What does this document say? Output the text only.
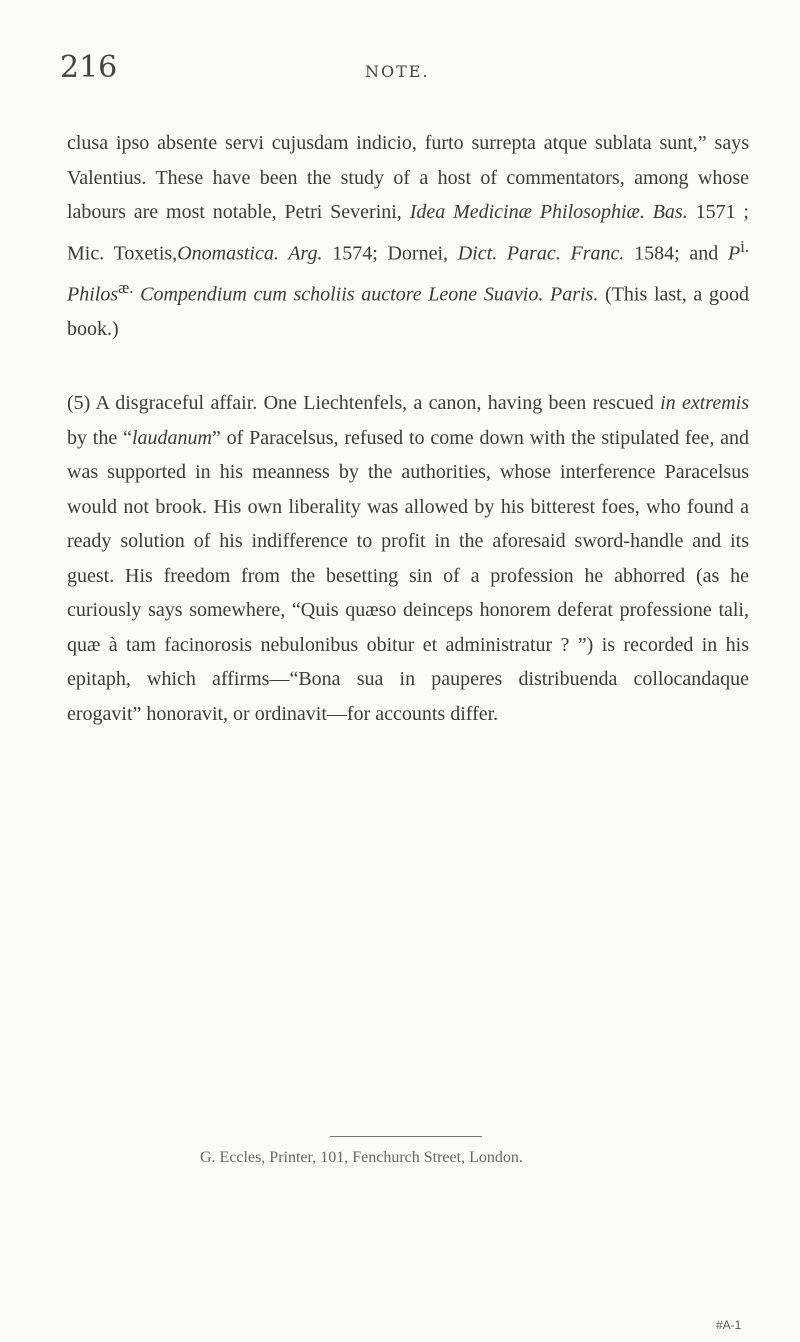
216	NOTE.

clusa ipso absente servi cujusdam indicio, furto surrepta atque sublata sunt,” says Valentius. These have been the study of a host of commentators, among whose labours are most notable, Petri Severini, Idea Medicinæ Philosophiæ. Bas. 1571 ; Mic. Toxetis,Onomastica. Arg. 1574; Dornei, Dict. Parac. Franc. 1584; and $P^{i.}$ Philos$^{æ.}$ Compendium cum scholiis auctore Leone Suavio. Paris. (This last, a good book.)

(5) A disgraceful affair. One Liechtenfels, a canon, having been rescued in extremis by the “laudanum” of Paracelsus, refused to come down with the stipulated fee, and was supported in his meanness by the authorities, whose interference Paracelsus would not brook. His own liberality was allowed by his bitterest foes, who found a ready solution of his indifference to profit in the aforesaid sword-handle and its guest. His freedom from the besetting sin of a profession he abhorred (as he curiously says somewhere, “Quis quæso deinceps honorem deferat professione tali, quæ à tam facinorosis nebulonibus obitur et administratur ? ”) is recorded in his epitaph, which affirms—“Bona sua in pauperes distribuenda collocandaque erogavit” honoravit, or ordinavit—for accounts differ.

G. Eccles, Printer, 101, Fenchurch Street, London.
#A-1
